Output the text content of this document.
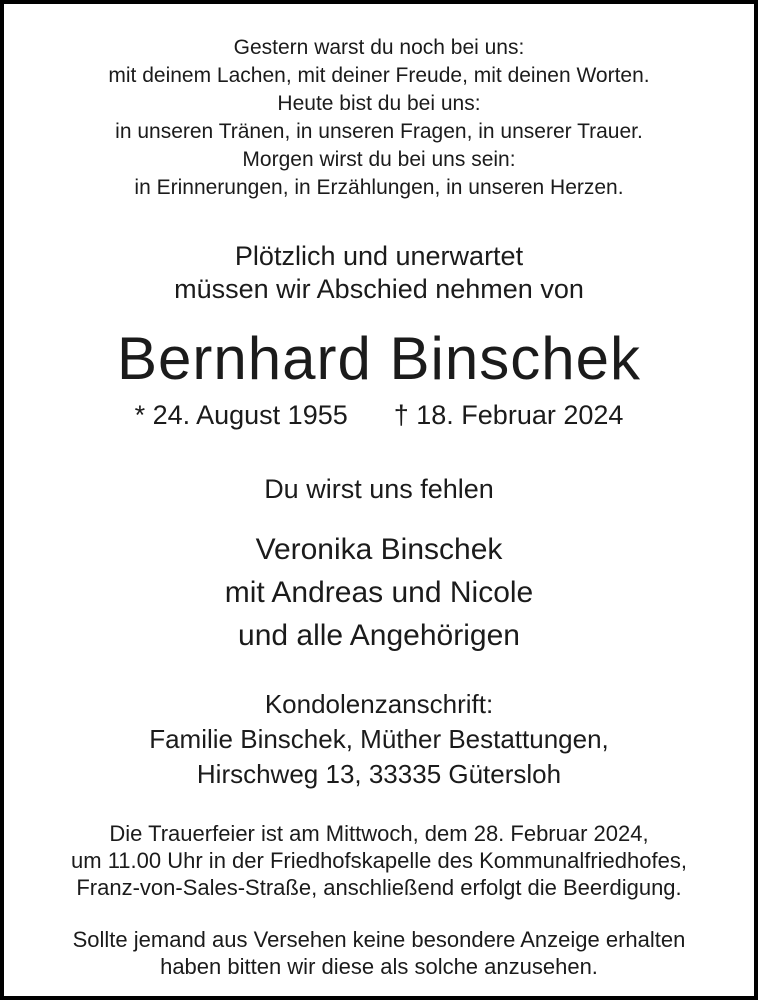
Gestern warst du noch bei uns:
mit deinem Lachen, mit deiner Freude, mit deinen Worten.
Heute bist du bei uns:
in unseren Tränen, in unseren Fragen, in unserer Trauer.
Morgen wirst du bei uns sein:
in Erinnerungen, in Erzählungen, in unseren Herzen.
Plötzlich und unerwartet
müssen wir Abschied nehmen von
Bernhard Binschek
* 24. August 1955 † 18. Februar 2024
Du wirst uns fehlen
Veronika Binschek
mit Andreas und Nicole
und alle Angehörigen
Kondolenzanschrift:
Familie Binschek, Müther Bestattungen,
Hirschweg 13, 33335 Gütersloh
Die Trauerfeier ist am Mittwoch, dem 28. Februar 2024,
um 11.00 Uhr in der Friedhofskapelle des Kommunalfriedhofes,
Franz-von-Sales-Straße, anschließend erfolgt die Beerdigung.
Sollte jemand aus Versehen keine besondere Anzeige erhalten
haben bitten wir diese als solche anzusehen.
